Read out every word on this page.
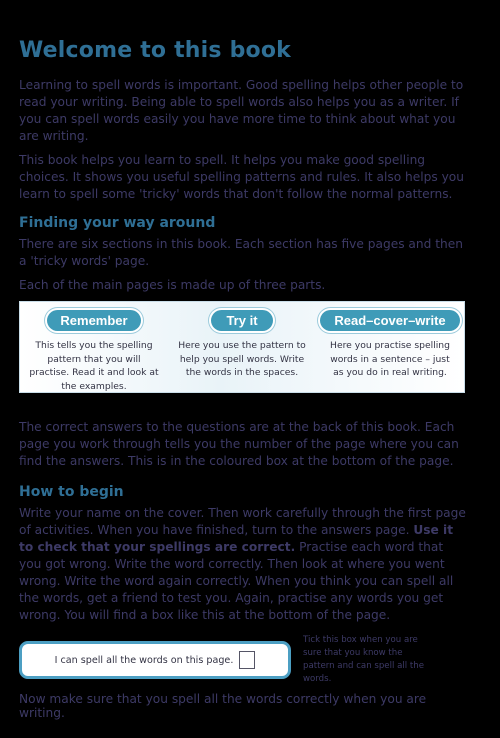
Welcome to this book

Learning to spell words is important. Good spelling helps other people to read your writing. Being able to spell words also helps you as a writer. If you can spell words easily you have more time to think about what you are writing.

This book helps you learn to spell. It helps you make good spelling choices. It shows you useful spelling patterns and rules. It also helps you learn to spell some 'tricky' words that don't follow the normal patterns.

Finding your way around

There are six sections in this book. Each section has five pages and then a 'tricky words' page.

Each of the main pages is made up of three parts.

Remember
This tells you the spelling pattern that you will practise. Read it and look at the examples.
Try it
Here you use the pattern to help you spell words. Write the words in the spaces.
Read–cover–write
Here you practise spelling words in a sentence – just as you do in real writing.

The correct answers to the questions are at the back of this book. Each page you work through tells you the number of the page where you can find the answers. This is in the coloured box at the bottom of the page.

How to begin

Write your name on the cover. Then work carefully through the first page of activities. When you have finished, turn to the answers page. Use it to check that your spellings are correct. Practise each word that you got wrong. Write the word correctly. Then look at where you went wrong. Write the word again correctly. When you think you can spell all the words, get a friend to test you. Again, practise any words you get wrong. You will find a box like this at the bottom of the page.

I can spell all the words on this page.
Tick this box when you are sure that you know the pattern and can spell all the words.
Now make sure that you spell all the words correctly when you are writing.
